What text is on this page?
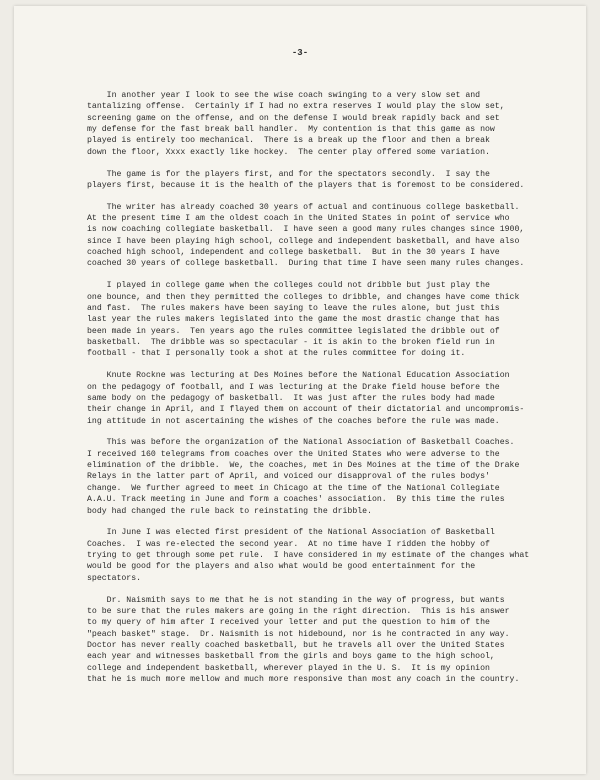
-3-
In another year I look to see the wise coach swinging to a very slow set and
tantalizing offense.  Certainly if I had no extra reserves I would play the slow set,
screening game on the offense, and on the defense I would break rapidly back and set
my defense for the fast break ball handler.  My contention is that this game as now
played is entirely too mechanical.  There is a break up the floor and then a break
down the floor, Xxxx exactly like hockey.  The center play offered some variation.
The game is for the players first, and for the spectators secondly.  I say the
players first, because it is the health of the players that is foremost to be considered.
The writer has already coached 30 years of actual and continuous college basketball.
At the present time I am the oldest coach in the United States in point of service who
is now coaching collegiate basketball.  I have seen a good many rules changes since 1900,
since I have been playing high school, college and independent basketball, and have also
coached high school, independent and college basketball.  But in the 30 years I have
coached 30 years of college basketball.  During that time I have seen many rules changes.
I played in college game when the colleges could not dribble but just play the
one bounce, and then they permitted the colleges to dribble, and changes have come thick
and fast.  The rules makers have been saying to leave the rules alone, but just this
last year the rules makers legislated into the game the most drastic change that has
been made in years.  Ten years ago the rules committee legislated the dribble out of
basketball.  The dribble was so spectacular - it is akin to the broken field run in
football - that I personally took a shot at the rules committee for doing it.
Knute Rockne was lecturing at Des Moines before the National Education Association
on the pedagogy of football, and I was lecturing at the Drake field house before the
same body on the pedagogy of basketball.  It was just after the rules body had made
their change in April, and I flayed them on account of their dictatorial and uncompromis-
ing attitude in not ascertaining the wishes of the coaches before the rule was made.
This was before the organization of the National Association of Basketball Coaches.
I received 160 telegrams from coaches over the United States who were adverse to the
elimination of the dribble.  We, the coaches, met in Des Moines at the time of the Drake
Relays in the latter part of April, and voiced our disapproval of the rules bodys'
change.  We further agreed to meet in Chicago at the time of the National Collegiate
A.A.U. Track meeting in June and form a coaches' association.  By this time the rules
body had changed the rule back to reinstating the dribble.
In June I was elected first president of the National Association of Basketball
Coaches.  I was re-elected the second year.  At no time have I ridden the hobby of
trying to get through some pet rule.  I have considered in my estimate of the changes what
would be good for the players and also what would be good entertainment for the
spectators.
Dr. Naismith says to me that he is not standing in the way of progress, but wants
to be sure that the rules makers are going in the right direction.  This is his answer
to my query of him after I received your letter and put the question to him of the
"peach basket" stage.  Dr. Naismith is not hidebound, nor is he contracted in any way.
Doctor has never really coached basketball, but he travels all over the United States
each year and witnesses basketball from the girls and boys game to the high school,
college and independent basketball, wherever played in the U. S.  It is my opinion
that he is much more mellow and much more responsive than most any coach in the country.
